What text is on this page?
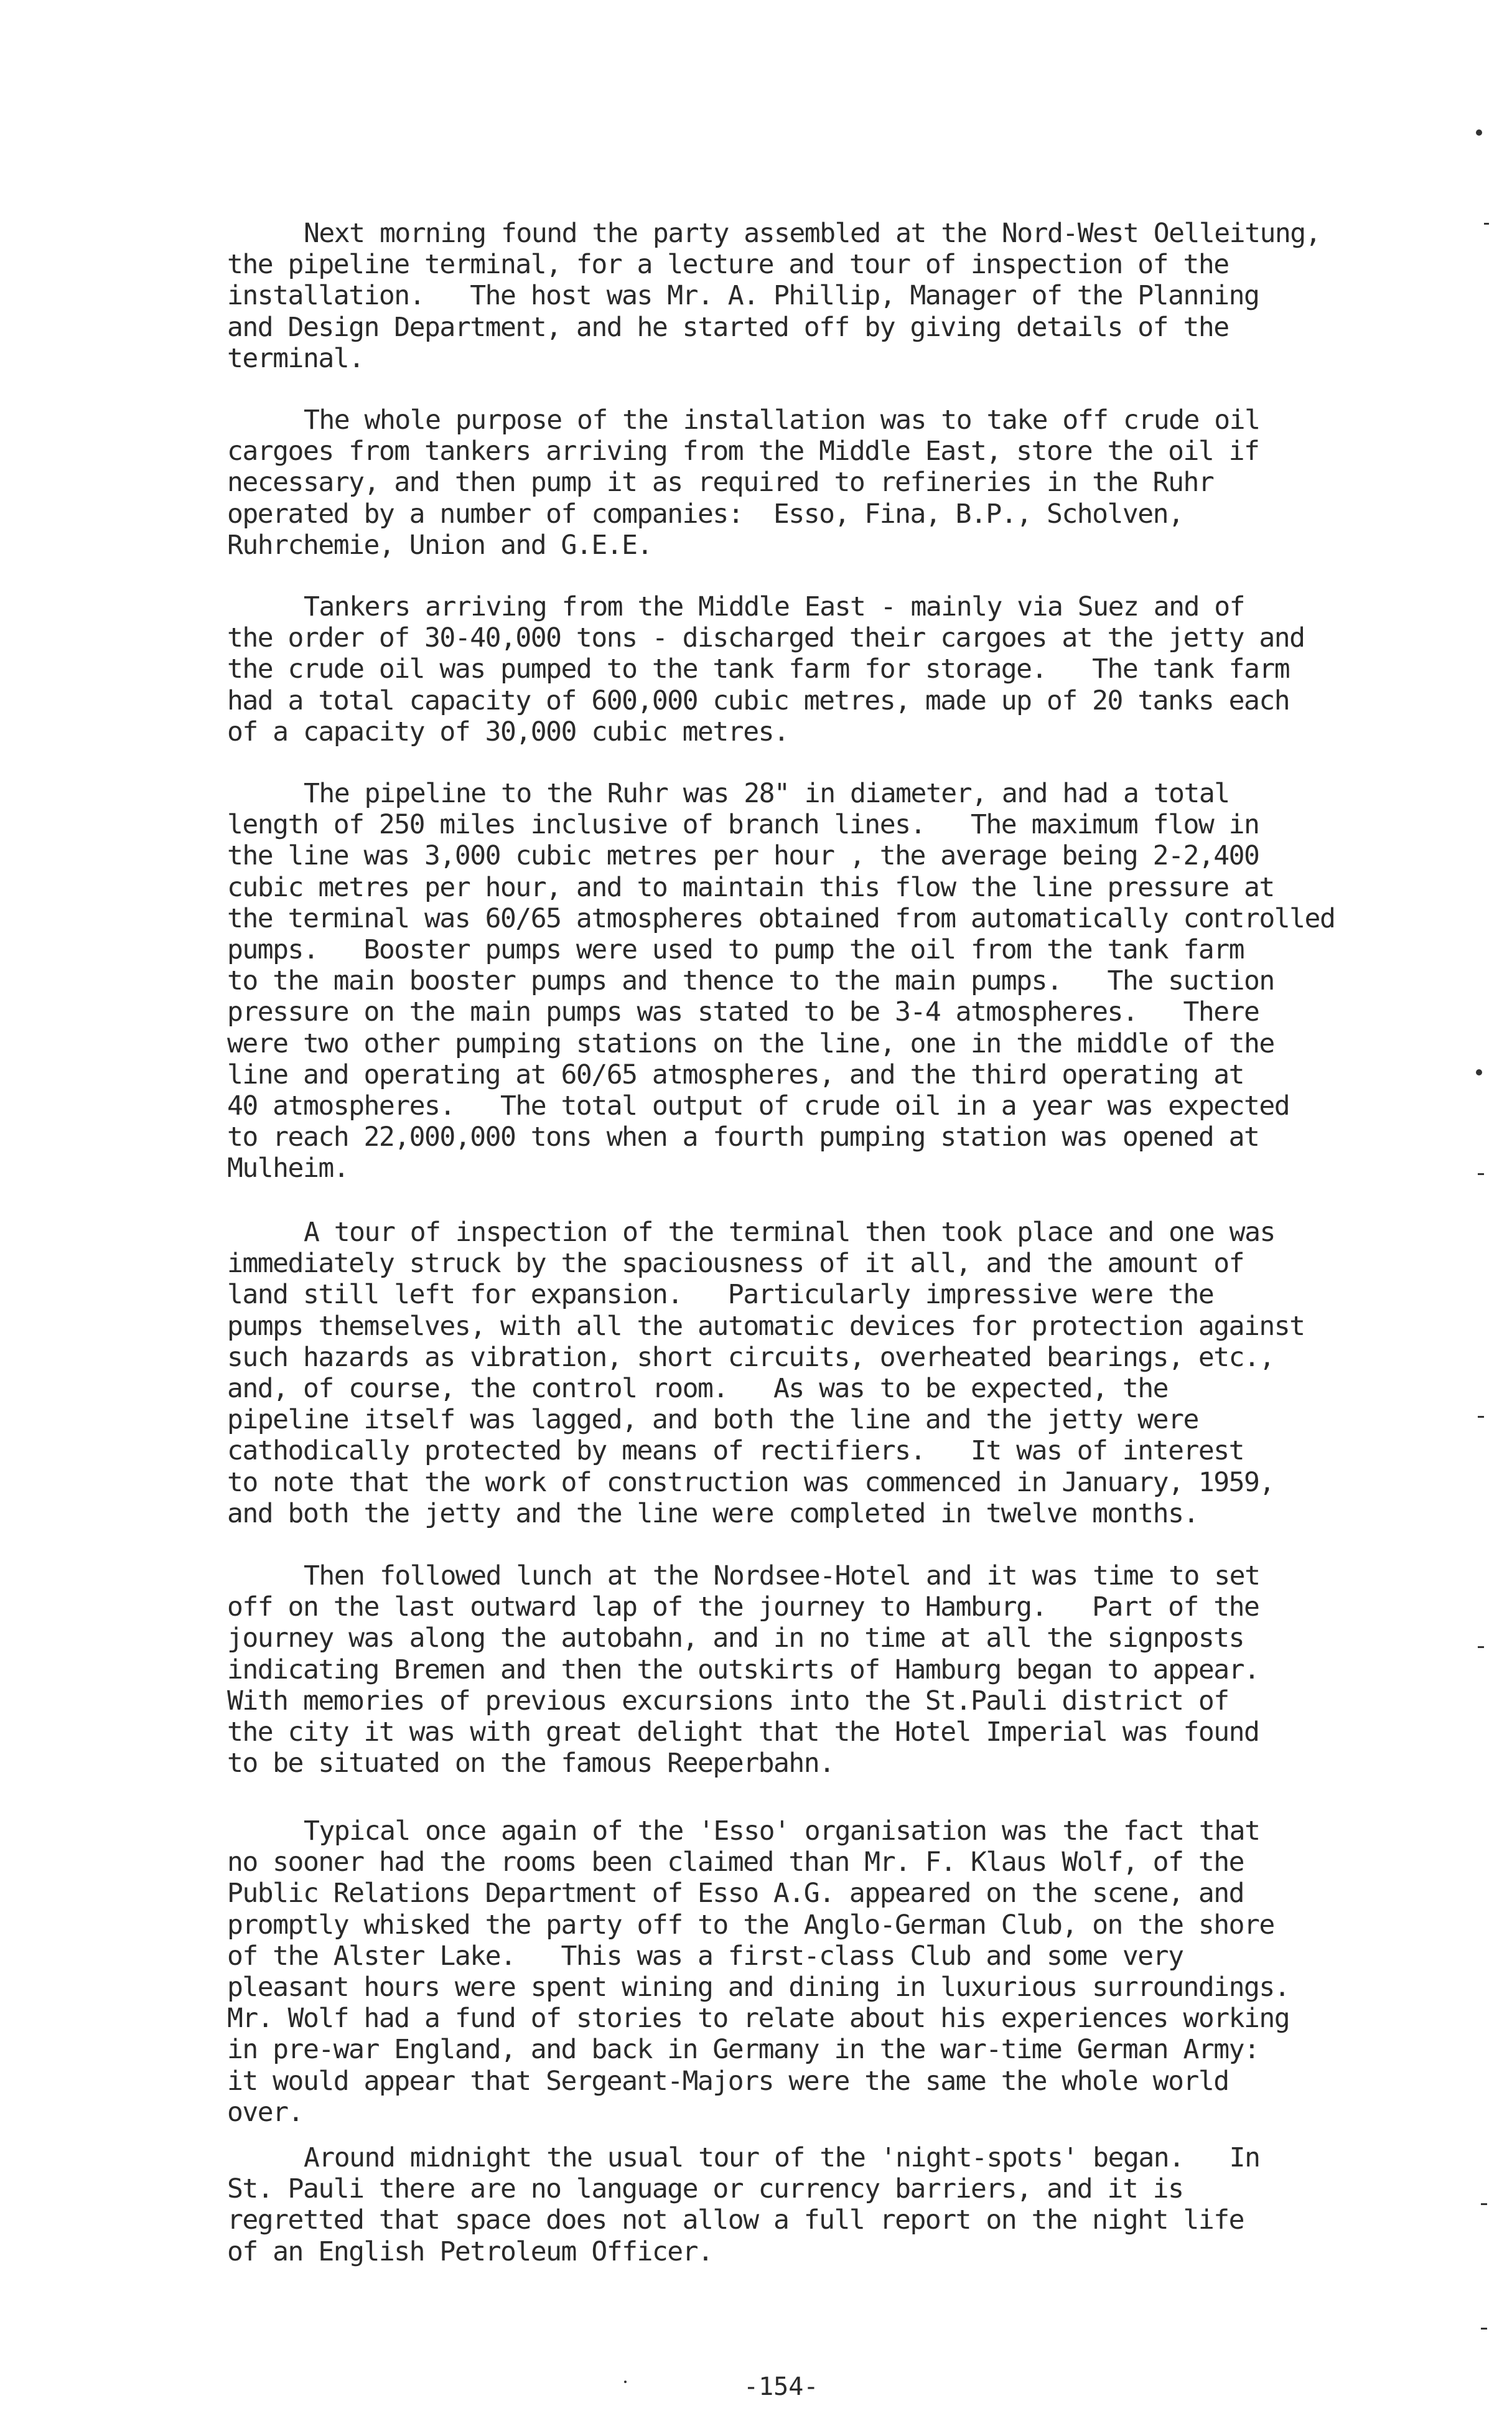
Next morning found the party assembled at the Nord-West Oelleitung,
the pipeline terminal, for a lecture and tour of inspection of the
installation.   The host was Mr. A. Phillip, Manager of the Planning
and Design Department, and he started off by giving details of the
terminal.
The whole purpose of the installation was to take off crude oil
cargoes from tankers arriving from the Middle East, store the oil if
necessary, and then pump it as required to refineries in the Ruhr
operated by a number of companies:  Esso, Fina, B.P., Scholven,
Ruhrchemie, Union and G.E.E.
Tankers arriving from the Middle East - mainly via Suez and of
the order of 30-40,000 tons - discharged their cargoes at the jetty and
the crude oil was pumped to the tank farm for storage.   The tank farm
had a total capacity of 600,000 cubic metres, made up of 20 tanks each
of a capacity of 30,000 cubic metres.
The pipeline to the Ruhr was 28" in diameter, and had a total
length of 250 miles inclusive of branch lines.   The maximum flow in
the line was 3,000 cubic metres per hour , the average being 2-2,400
cubic metres per hour, and to maintain this flow the line pressure at
the terminal was 60/65 atmospheres obtained from automatically controlled
pumps.   Booster pumps were used to pump the oil from the tank farm
to the main booster pumps and thence to the main pumps.   The suction
pressure on the main pumps was stated to be 3-4 atmospheres.   There
were two other pumping stations on the line, one in the middle of the
line and operating at 60/65 atmospheres, and the third operating at
40 atmospheres.   The total output of crude oil in a year was expected
to reach 22,000,000 tons when a fourth pumping station was opened at
Mulheim.
A tour of inspection of the terminal then took place and one was
immediately struck by the spaciousness of it all, and the amount of
land still left for expansion.   Particularly impressive were the
pumps themselves, with all the automatic devices for protection against
such hazards as vibration, short circuits, overheated bearings, etc.,
and, of course, the control room.   As was to be expected, the
pipeline itself was lagged, and both the line and the jetty were
cathodically protected by means of rectifiers.   It was of interest
to note that the work of construction was commenced in January, 1959,
and both the jetty and the line were completed in twelve months.
Then followed lunch at the Nordsee-Hotel and it was time to set
off on the last outward lap of the journey to Hamburg.   Part of the
journey was along the autobahn, and in no time at all the signposts
indicating Bremen and then the outskirts of Hamburg began to appear.
With memories of previous excursions into the St.Pauli district of
the city it was with great delight that the Hotel Imperial was found
to be situated on the famous Reeperbahn.
Typical once again of the 'Esso' organisation was the fact that
no sooner had the rooms been claimed than Mr. F. Klaus Wolf, of the
Public Relations Department of Esso A.G. appeared on the scene, and
promptly whisked the party off to the Anglo-German Club, on the shore
of the Alster Lake.   This was a first-class Club and some very
pleasant hours were spent wining and dining in luxurious surroundings.
Mr. Wolf had a fund of stories to relate about his experiences working
in pre-war England, and back in Germany in the war-time German Army:
it would appear that Sergeant-Majors were the same the whole world
over.
Around midnight the usual tour of the 'night-spots' began.   In
St. Pauli there are no language or currency barriers, and it is
regretted that space does not allow a full report on the night life
of an English Petroleum Officer.
-154-
